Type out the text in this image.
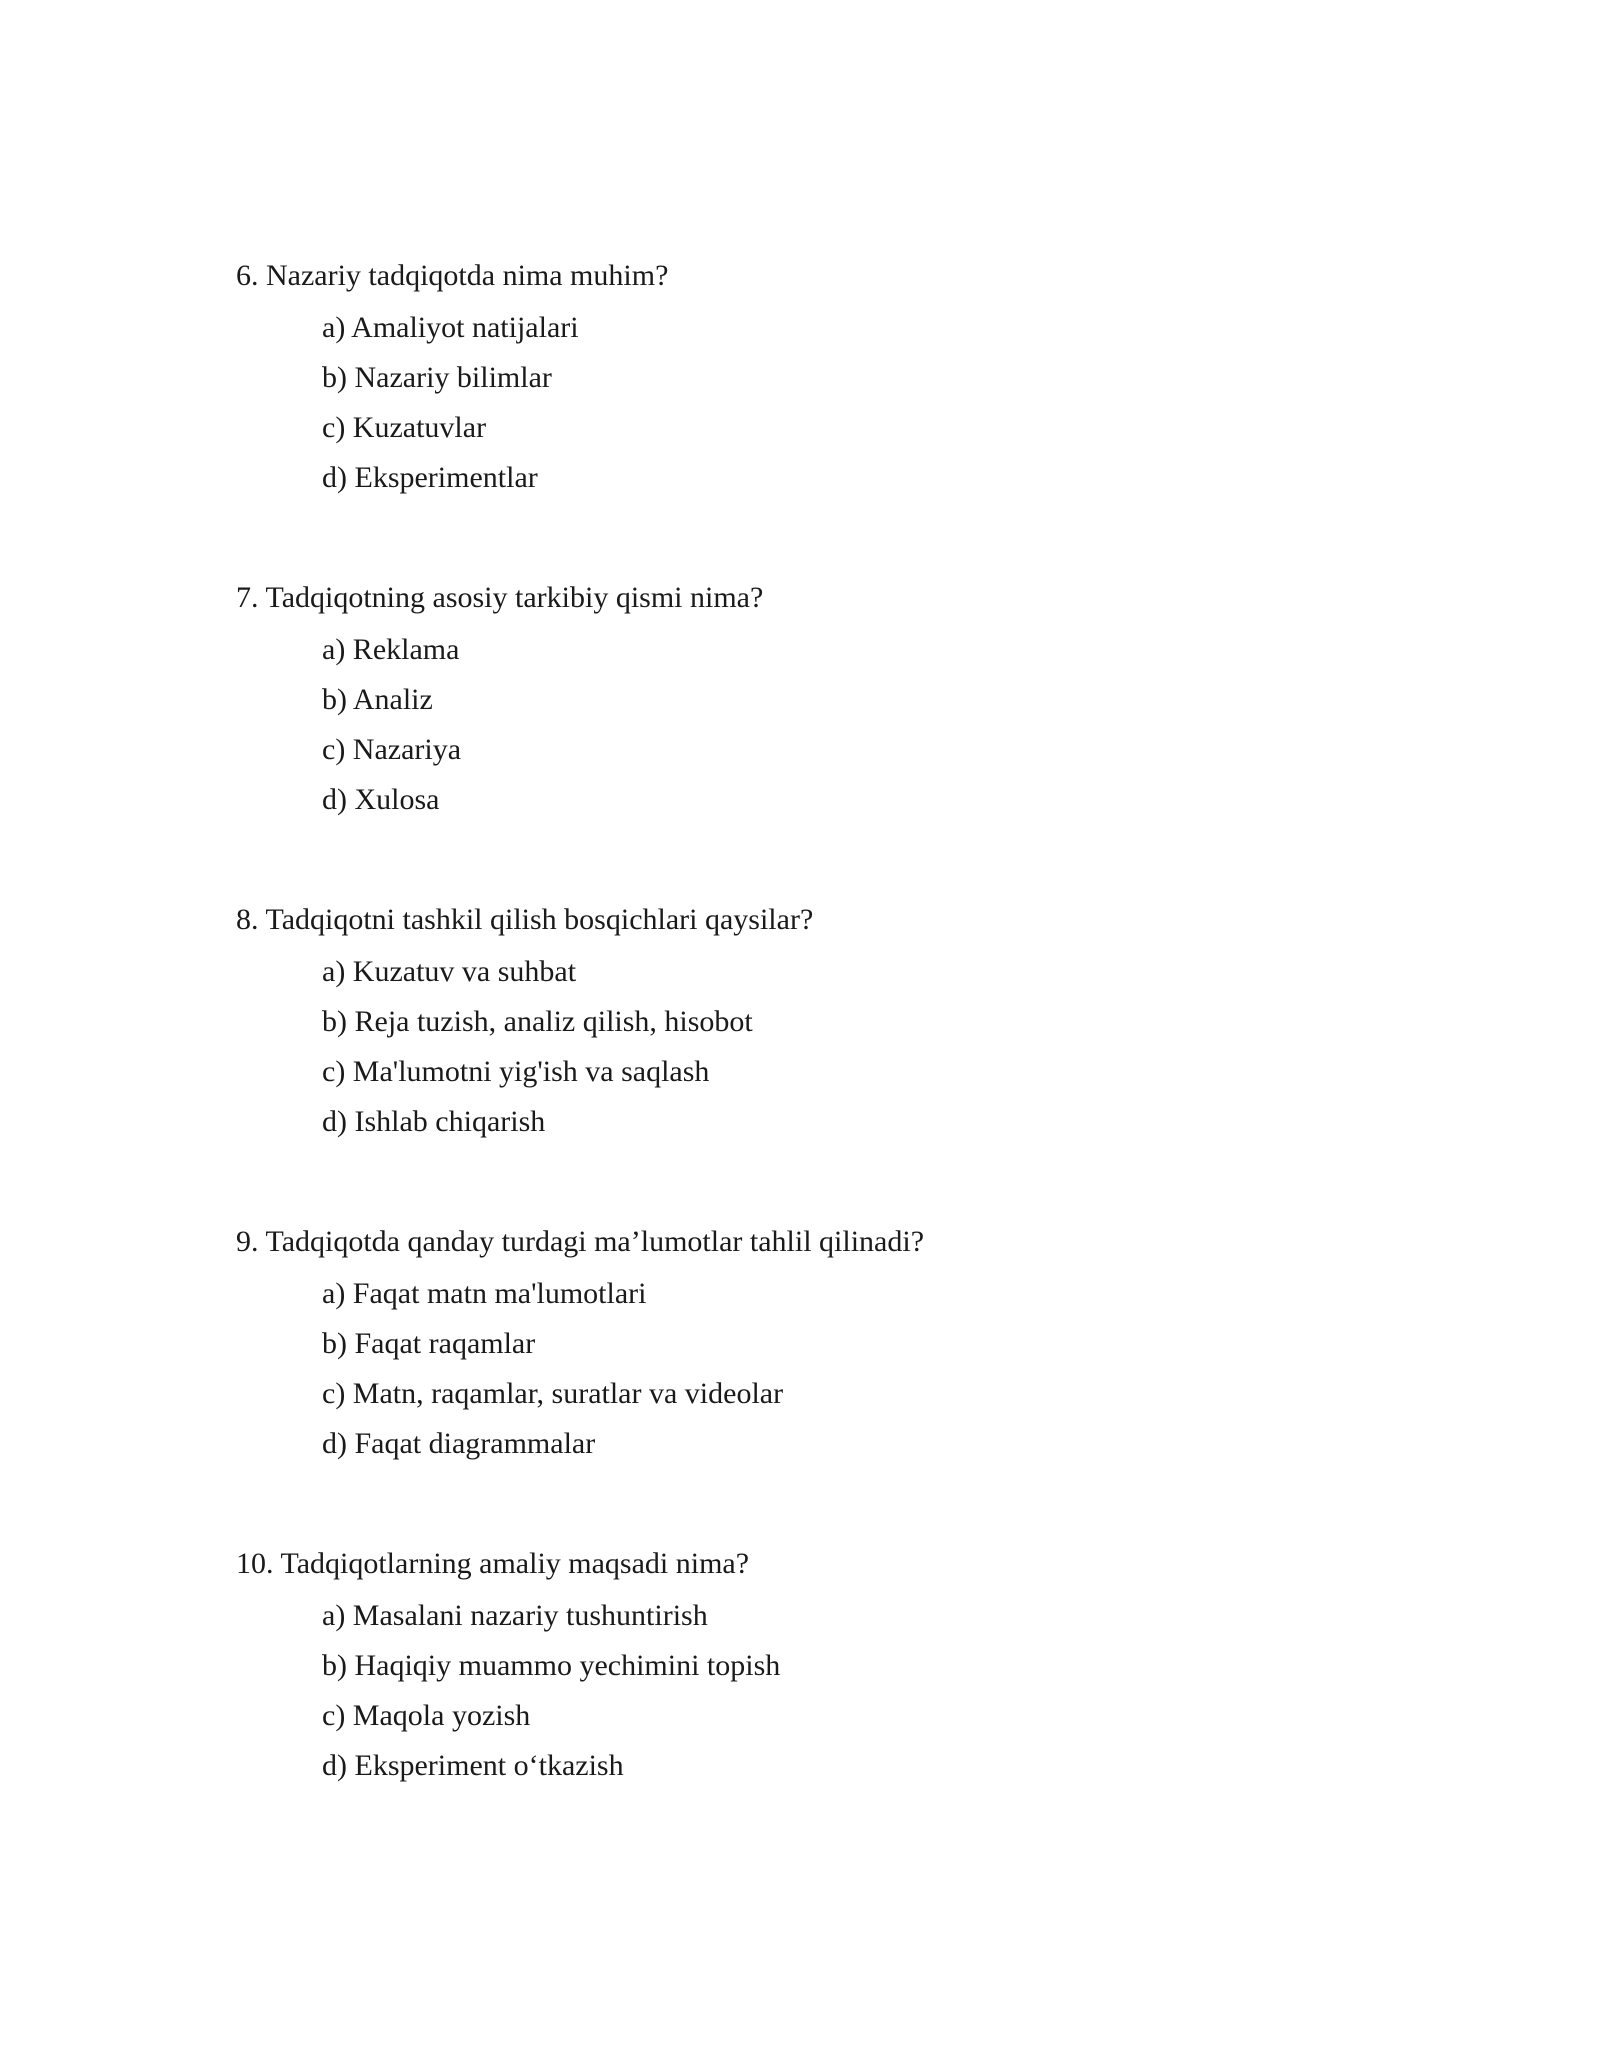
6. Nazariy tadqiqotda nima muhim?

a) Amaliyot natijalari
b) Nazariy bilimlar
c) Kuzatuvlar
d) Eksperimentlar

7. Tadqiqotning asosiy tarkibiy qismi nima?

a) Reklama
b) Analiz
c) Nazariya
d) Xulosa

8. Tadqiqotni tashkil qilish bosqichlari qaysilar?

a) Kuzatuv va suhbat
b) Reja tuzish, analiz qilish, hisobot
c) Ma'lumotni yig'ish va saqlash
d) Ishlab chiqarish

9. Tadqiqotda qanday turdagi ma’lumotlar tahlil qilinadi?

a) Faqat matn ma'lumotlari
b) Faqat raqamlar
c) Matn, raqamlar, suratlar va videolar
d) Faqat diagrammalar

10. Tadqiqotlarning amaliy maqsadi nima?

a) Masalani nazariy tushuntirish
b) Haqiqiy muammo yechimini topish
c) Maqola yozish
d) Eksperiment o‘tkazish
